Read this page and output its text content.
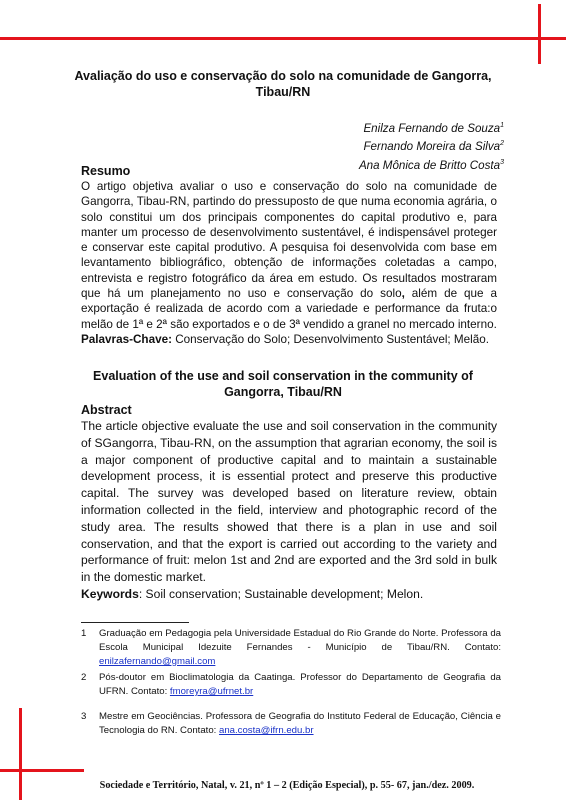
Avaliação do uso e conservação do solo na comunidade de Gangorra, Tibau/RN
Enilza Fernando de Souza$^1$
Fernando Moreira da Silva$^2$
Ana Mônica de Britto Costa$^3$
Resumo
O artigo objetiva avaliar o uso e conservação do solo na comunidade de Gangorra, Tibau-RN, partindo do pressuposto de que numa economia agrária, o solo constitui um dos principais componentes do capital produtivo e, para manter um processo de desenvolvimento sustentável, é indispensável proteger e conservar este capital produtivo. A pesquisa foi desenvolvida com base em levantamento bibliográfico, obtenção de informações coletadas a campo, entrevista e registro fotográfico da área em estudo. Os resultados mostraram que há um planejamento no uso e conservação do solo, além de que a exportação é realizada de acordo com a variedade e performance da fruta:o melão de 1ª e 2ª são exportados e o de 3ª vendido a granel no mercado interno.
Palavras-Chave: Conservação do Solo; Desenvolvimento Sustentável; Melão.
Evaluation of the use and soil conservation in the community of Gangorra, Tibau/RN
Abstract
The article objective evaluate the use and soil conservation in the community of SGangorra, Tibau-RN, on the assumption that agrarian economy, the soil is a major component of productive capital and to maintain a sustainable development process, it is essential protect and preserve this productive capital. The survey was developed based on literature review, obtain information collected in the field, interview and photographic record of the study area. The results showed that there is a plan in use and soil conservation, and that the export is carried out according to the variety and performance of fruit: melon 1st and 2nd are exported and the 3rd sold in bulk in the domestic market.
Keywords: Soil conservation; Sustainable development; Melon.
1 Graduação em Pedagogia pela Universidade Estadual do Rio Grande do Norte. Professora da Escola Municipal Idezuite Fernandes - Município de Tibau/RN. Contato: enilzafernando@gmail.com
2 Pós-doutor em Bioclimatologia da Caatinga. Professor do Departamento de Geografia da UFRN. Contato: fmoreyra@ufrnet.br
3 Mestre em Geociências. Professora de Geografia do Instituto Federal de Educação, Ciência e Tecnologia do RN. Contato: ana.costa@ifrn.edu.br
Sociedade e Território, Natal, v. 21, nº 1 – 2 (Edição Especial), p. 55- 67, jan./dez. 2009.
